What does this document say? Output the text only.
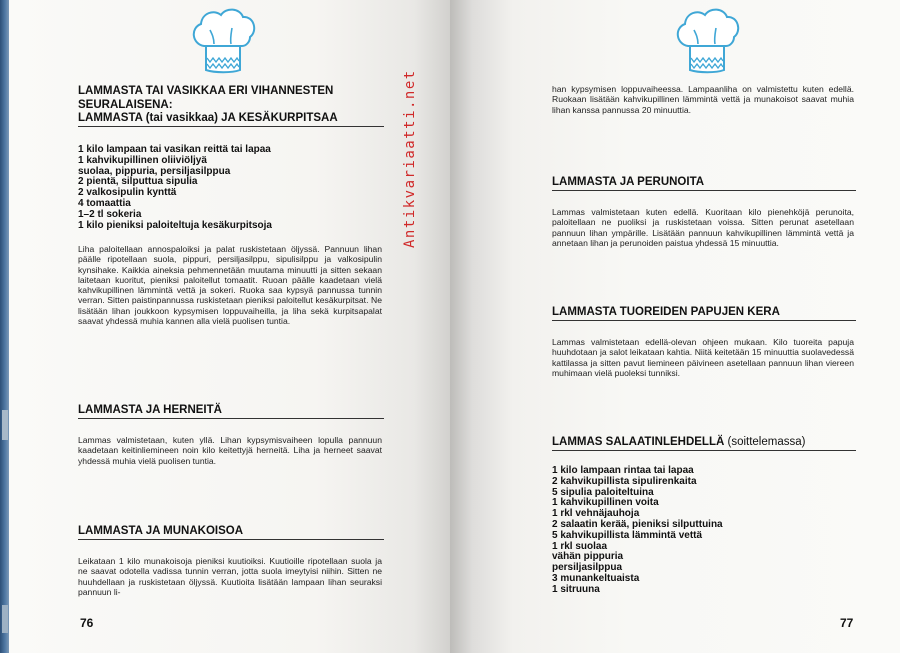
LAMMASTA TAI VASIKKAA ERI VIHANNESTEN
SEURALAISENA:
LAMMASTA (tai vasikkaa) JA KESÄKURPITSAA
1 kilo lampaan tai vasikan reittä tai lapaa
1 kahvikupillinen oliiviöljyä
suolaa, pippuria, persiljasilppua
2 pientä, silputtua sipulia
2 valkosipulin kynttä
4 tomaattia
1–2 tl sokeria
1 kilo pieniksi paloiteltuja kesäkurpitsoja

Liha paloitellaan annospaloiksi ja palat ruskistetaan öljyssä. Pannuun lihan päälle ripotellaan suola, pippuri, persiljasilppu, sipulisilppu ja valkosipulin kynsihake. Kaikkia aineksia pehmennetään muutama minuutti ja sitten sekaan laitetaan kuoritut, pieniksi paloitellut tomaatit. Ruoan päälle kaadetaan vielä kahvikupillinen lämmintä vettä ja sokeri. Ruoka saa kypsyä pannussa tunnin verran. Sitten paistinpannussa ruskistetaan pieniksi paloitellut kesäkurpitsat. Ne lisätään lihan joukkoon kypsymisen loppuvaiheilla, ja liha sekä kurpitsapalat saavat yhdessä muhia kannen alla vielä puolisen tuntia.

LAMMASTA JA HERNEITÄ

Lammas valmistetaan, kuten yllä. Lihan kypsymisvaiheen lopulla pannuun kaadetaan keitinliemineen noin kilo keitettyjä herneitä. Liha ja herneet saavat yhdessä muhia vielä puolisen tuntia.

LAMMASTA JA MUNAKOISOA

Leikataan 1 kilo munakoisoja pieniksi kuutioiksi. Kuutioille ripotellaan suola ja ne saavat odotella vadissa tunnin verran, jotta suola imeytyisi niihin. Sitten ne huuhdellaan ja ruskistetaan öljyssä. Kuutioita lisätään lampaan lihan seuraksi pannuun li-

76
Antikvariaatti.net	han kypsymisen loppuvaiheessa. Lampaanliha on valmistettu kuten edellä. Ruokaan lisätään kahvikupillinen lämmintä vettä ja munakoisot saavat muhia lihan kanssa pannussa 20 minuuttia.

LAMMASTA JA PERUNOITA

Lammas valmistetaan kuten edellä. Kuoritaan kilo pienehköjä perunoita, paloitellaan ne puoliksi ja ruskistetaan voissa. Sitten perunat asetellaan pannuun lihan ympärille. Lisätään pannuun kahvikupillinen lämmintä vettä ja annetaan lihan ja perunoiden paistua yhdessä 15 minuuttia.

LAMMASTA TUOREIDEN PAPUJEN KERA

Lammas valmistetaan edellä-olevan ohjeen mukaan. Kilo tuoreita papuja huuhdotaan ja salot leikataan kahtia. Niitä keitetään 15 minuuttia suolavedessä kattilassa ja sitten pavut liemineen päivineen asetellaan pannuun lihan viereen muhimaan vielä puoleksi tunniksi.

LAMMAS SALAATINLEHDELLÄ (soittelemassa)
1 kilo lampaan rintaa tai lapaa
2 kahvikupillista sipulirenkaita
5 sipulia paloiteltuina
1 kahvikupillinen voita
1 rkl vehnäjauhoja
2 salaatin kerää, pieniksi silputtuina
5 kahvikupillista lämmintä vettä
1 rkl suolaa
vähän pippuria
persiljasilppua
3 munankeltuaista
1 sitruuna
77
